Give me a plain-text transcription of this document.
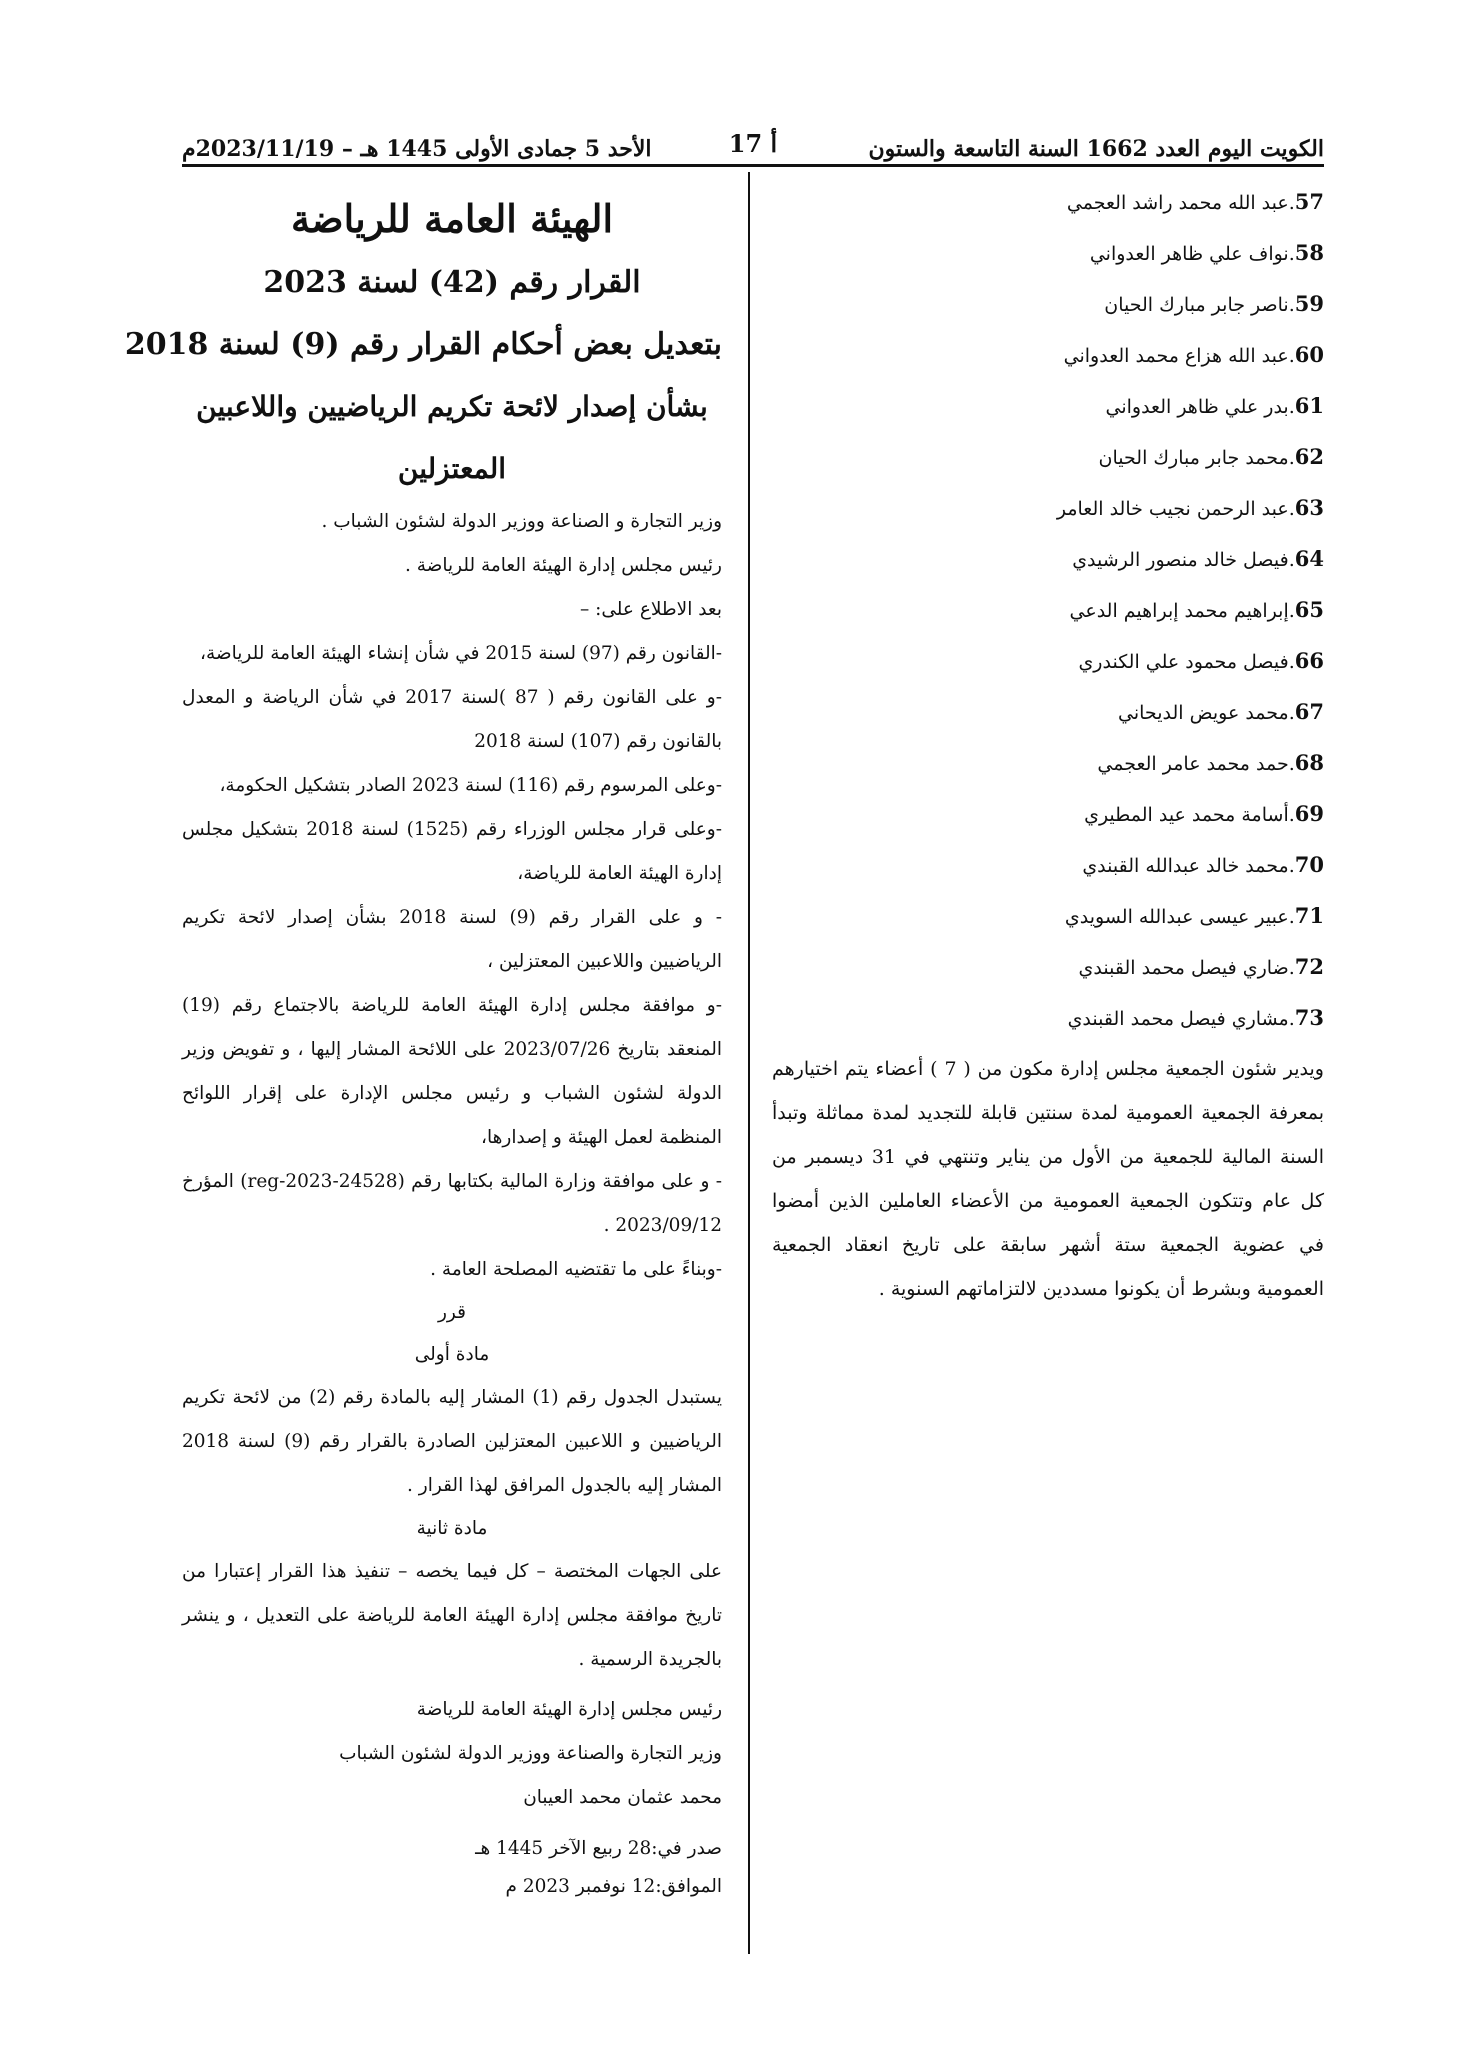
الكويت اليوم العدد 1662 السنة التاسعة والستون
أ 17
الأحد 5 جمادى الأولى 1445 هـ – 2023/11/19م
57.عبد الله محمد راشد العجمي
58.نواف علي ظاهر العدواني
59.ناصر جابر مبارك الحيان
60.عبد الله هزاع محمد العدواني
61.بدر علي ظاهر العدواني
62.محمد جابر مبارك الحيان
63.عبد الرحمن نجيب خالد العامر
64.فيصل خالد منصور الرشيدي
65.إبراهيم محمد إبراهيم الدعي
66.فيصل محمود علي الكندري
67.محمد عويض الديحاني
68.حمد محمد عامر العجمي
69.أسامة محمد عيد المطيري
70.محمد خالد عبدالله القبندي
71.عبير عيسى عبدالله السويدي
72.ضاري فيصل محمد القبندي
73.مشاري فيصل محمد القبندي

ويدير شئون الجمعية مجلس إدارة مكون من ( 7 ) أعضاء يتم اختيارهم بمعرفة الجمعية العمومية لمدة سنتين قابلة للتجديد لمدة مماثلة وتبدأ السنة المالية للجمعية من الأول من يناير وتنتهي في 31 ديسمبر من كل عام وتتكون الجمعية العمومية من الأعضاء العاملين الذين أمضوا في عضوية الجمعية ستة أشهر سابقة على تاريخ انعقاد الجمعية العمومية وبشرط أن يكونوا مسددين لالتزاماتهم السنوية .

الهيئة العامة للرياضة
القرار رقم (42) لسنة 2023
بتعديل بعض أحكام القرار رقم (9) لسنة 2018
بشأن إصدار لائحة تكريم الرياضيين واللاعبين
المعتزلين

وزير التجارة و الصناعة ووزير الدولة لشئون الشباب .

رئيس مجلس إدارة الهيئة العامة للرياضة .

بعد الاطلاع على: –

-القانون رقم (97) لسنة 2015 في شأن إنشاء الهيئة العامة للرياضة،

-و على القانون رقم ( 87 )لسنة 2017 في شأن الرياضة و المعدل بالقانون رقم (107) لسنة 2018

-وعلى المرسوم رقم (116) لسنة 2023 الصادر بتشكيل الحكومة،

-وعلى قرار مجلس الوزراء رقم (1525) لسنة 2018 بتشكيل مجلس إدارة الهيئة العامة للرياضة،

- و على القرار رقم (9) لسنة 2018 بشأن إصدار لائحة تكريم الرياضيين واللاعبين المعتزلين ،

-و موافقة مجلس إدارة الهيئة العامة للرياضة بالاجتماع رقم (19) المنعقد بتاريخ 2023/07/26 على اللائحة المشار إليها ، و تفويض وزير الدولة لشئون الشباب و رئيس مجلس الإدارة على إقرار اللوائح المنظمة لعمل الهيئة و إصدارها،

- و على موافقة وزارة المالية بكتابها رقم (reg-2023-24528) المؤرخ 2023/09/12 .

-وبناءً على ما تقتضيه المصلحة العامة .

قرر
مادة أولى

يستبدل الجدول رقم (1) المشار إليه بالمادة رقم (2) من لائحة تكريم الرياضيين و اللاعبين المعتزلين الصادرة بالقرار رقم (9) لسنة 2018 المشار إليه بالجدول المرافق لهذا القرار .

مادة ثانية

على الجهات المختصة – كل فيما يخصه – تنفيذ هذا القرار إعتبارا من تاريخ موافقة مجلس إدارة الهيئة العامة للرياضة على التعديل ، و ينشر بالجريدة الرسمية .

رئيس مجلس إدارة الهيئة العامة للرياضة

وزير التجارة والصناعة ووزير الدولة لشئون الشباب

محمد عثمان محمد العيبان

صدر في:28 ربيع الآخر 1445 هـ

الموافق:12 نوفمبر 2023 م
